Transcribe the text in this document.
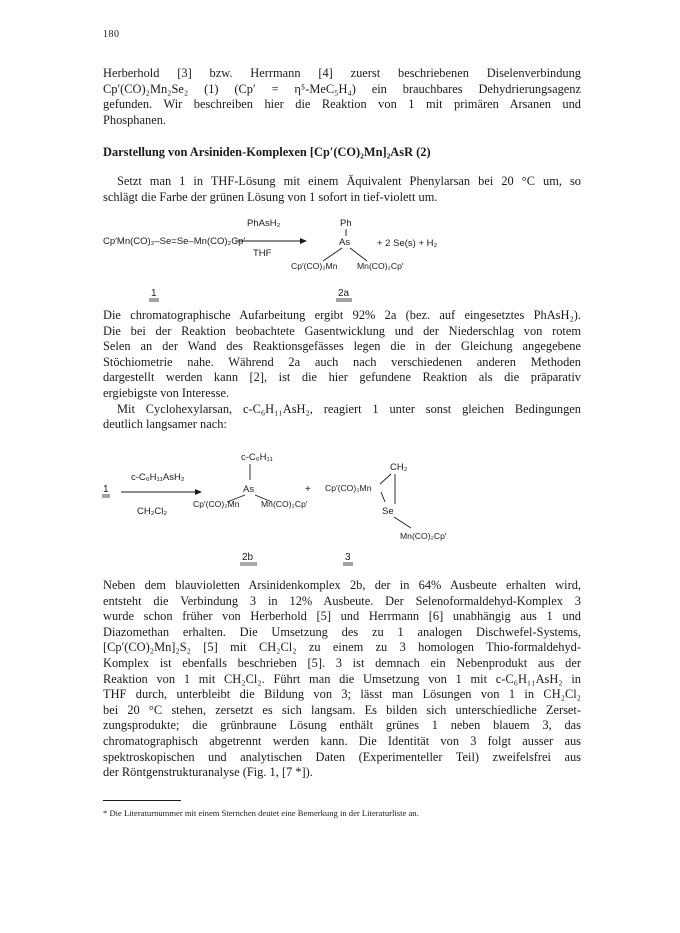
180
Herberhold [3] bzw. Herrmann [4] zuerst beschriebenen Diselenverbindung
Cp′(CO)₂Mn₂Se₂ (1) (Cp′ = η⁵-MeC₅H₄) ein brauchbares Dehydrierungsagenz
gefunden. Wir beschreiben hier die Reaktion von 1 mit primären Arsanen und
Phosphanen.
Darstellung von Arsiniden-Komplexen [Cp′(CO)₂Mn]₂AsR (2)
Setzt man 1 in THF-Lösung mit einem Äquivalent Phenylarsan bei 20 °C um, so
schlägt die Farbe der grünen Lösung von 1 sofort in tief-violett um.
Cp′Mn(CO)₂–Se=Se–Mn(CO)₂Cp′
PhAsH₂
THF
Ph
As
Cp′(CO)₂Mn Mn(CO)₂Cp′
+ 2 Se(s) + H₂
1	2a
Die chromatographische Aufarbeitung ergibt 92% 2a (bez. auf eingesetztes PhAsH₂).
Die bei der Reaktion beobachtete Gasentwicklung und der Niederschlag von rotem
Selen an der Wand des Reaktionsgefässes legen die in der Gleichung angegebene
Stöchiometrie nahe. Während 2a auch nach verschiedenen anderen Methoden
dargestellt werden kann [2], ist die hier gefundene Reaktion als die präparativ
ergiebigste von Interesse.
Mit Cyclohexylarsan, c-C₆H₁₁AsH₂, reagiert 1 unter sonst gleichen Bedingungen
deutlich langsamer nach:
1
c-C₆H₁₁AsH₂
CH₂Cl₂
c-C₆H₁₁
As
Cp′(CO)₂Mn	Mn(CO)₂Cp′
+ Cp′(CO)₂Mn
CH₂
Se
Mn(CO)₂Cp′
2b	3
Neben dem blauvioletten Arsinidenkomplex 2b, der in 64% Ausbeute erhalten wird,
entsteht die Verbindung 3 in 12% Ausbeute. Der Selenoformaldehyd-Komplex 3
wurde schon früher von Herberhold [5] und Herrmann [6] unabhängig aus 1 und
Diazomethan erhalten. Die Umsetzung des zu 1 analogen Dischwefel-Systems,
[Cp′(CO)₂Mn]₂S₂ [5] mit CH₂Cl₂ zu einem zu 3 homologen Thio-formaldehyd-
Komplex ist ebenfalls beschrieben [5]. 3 ist demnach ein Nebenprodukt aus der
Reaktion von 1 mit CH₂Cl₂. Führt man die Umsetzung von 1 mit c-C₆H₁₁AsH₂ in
THF durch, unterbleibt die Bildung von 3; lässt man Lösungen von 1 in CH₂Cl₂
bei 20 °C stehen, zersetzt es sich langsam. Es bilden sich unterschiedliche Zerset-
zungsprodukte; die grünbraune Lösung enthält grünes 1 neben blauem 3, das
chromatographisch abgetrennt werden kann. Die Identität von 3 folgt ausser aus
spektroskopischen und analytischen Daten (Experimenteller Teil) zweifelsfrei aus
der Röntgenstrukturanalyse (Fig. 1, [7 *]).
* Die Literaturnummer mit einem Sternchen deutet eine Bemerkung in der Literaturliste an.
